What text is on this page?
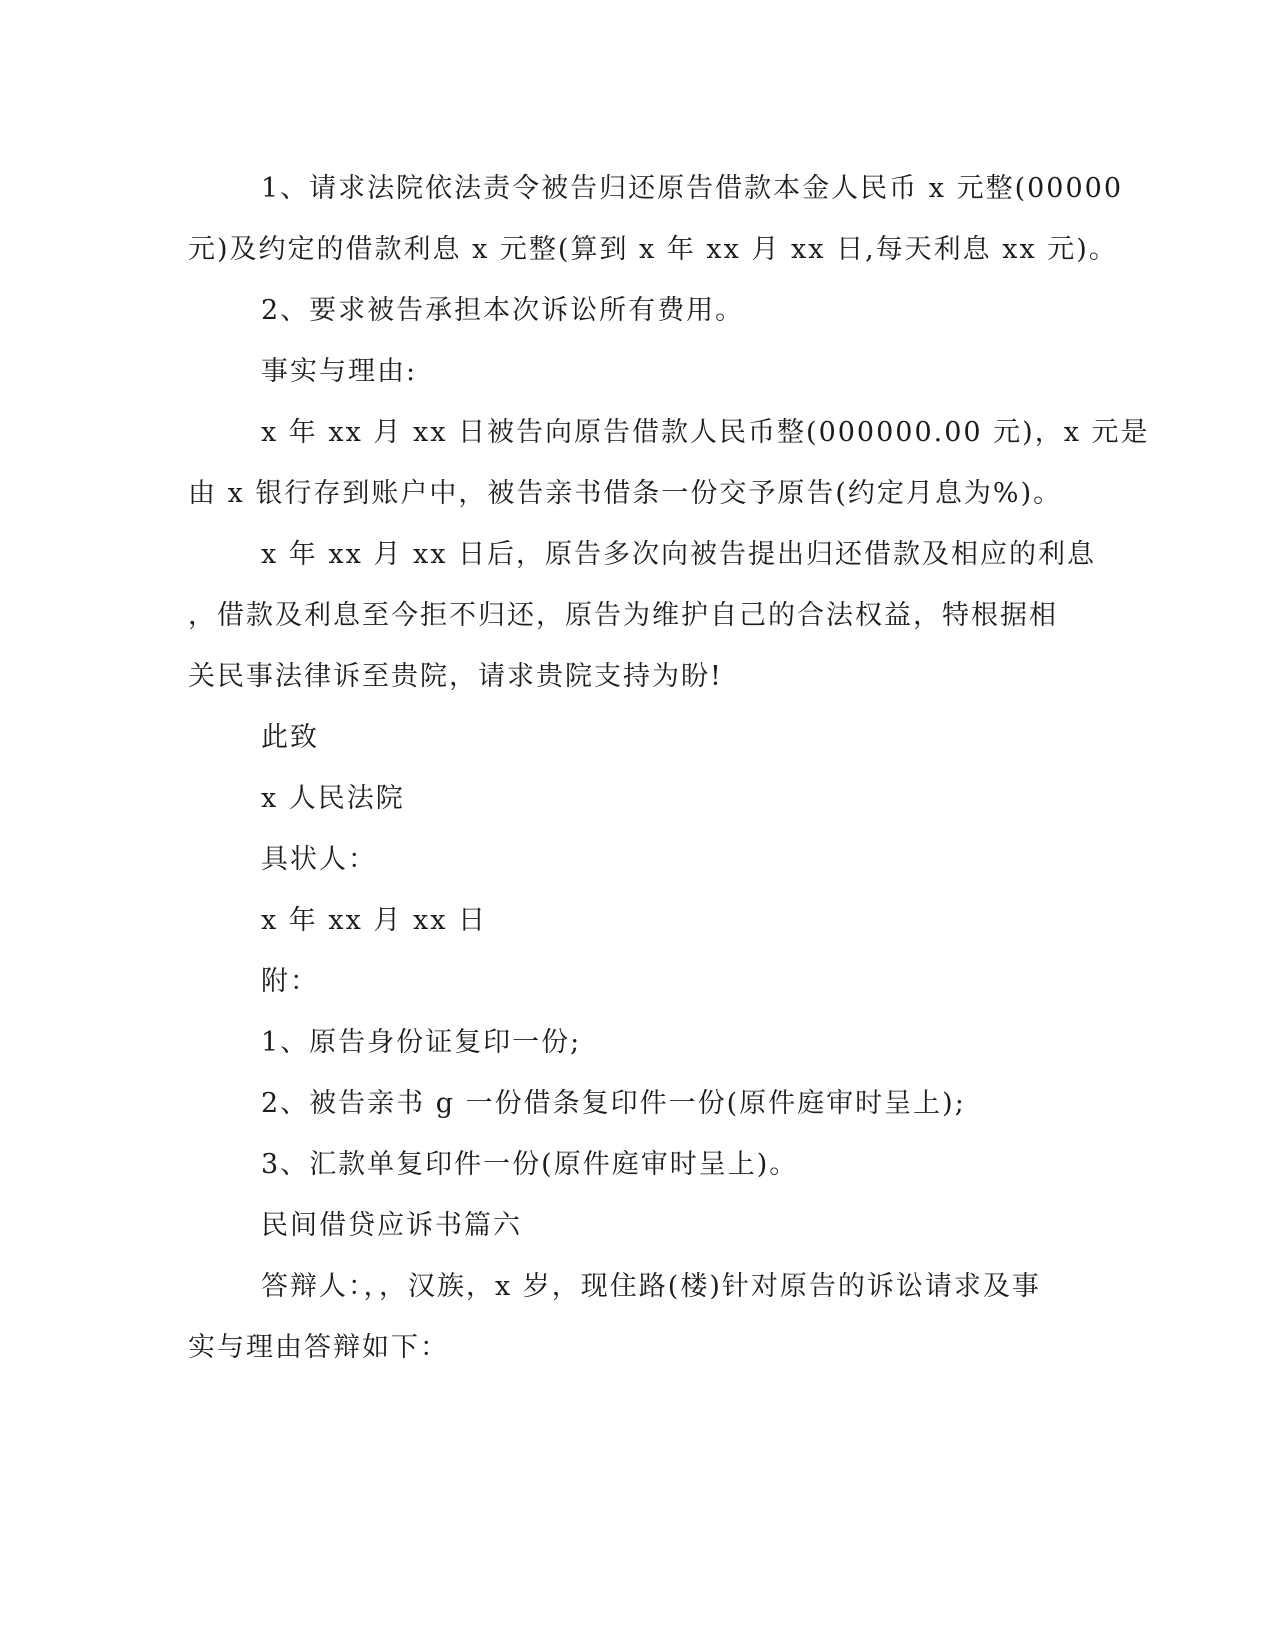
1、请求法院依法责令被告归还原告借款本金人民币 x 元整(00000
元)及约定的借款利息 x 元整(算到 x 年 xx 月 xx 日,每天利息 xx 元)。
2、要求被告承担本次诉讼所有费用。
事实与理由:
x 年 xx 月 xx 日被告向原告借款人民币整(000000.00 元)，x 元是
由 x 银行存到账户中，被告亲书借条一份交予原告(约定月息为%)。
x 年 xx 月 xx 日后，原告多次向被告提出归还借款及相应的利息
，借款及利息至今拒不归还，原告为维护自己的合法权益，特根据相
关民事法律诉至贵院，请求贵院支持为盼!
此致
x 人民法院
具状人：
x 年 xx 月 xx 日
附：
1、原告身份证复印一份;
2、被告亲书 g 一份借条复印件一份(原件庭审时呈上);
3、汇款单复印件一份(原件庭审时呈上)。
民间借贷应诉书篇六
答辩人：，，汉族，x 岁，现住路(楼)针对原告的诉讼请求及事
实与理由答辩如下：
